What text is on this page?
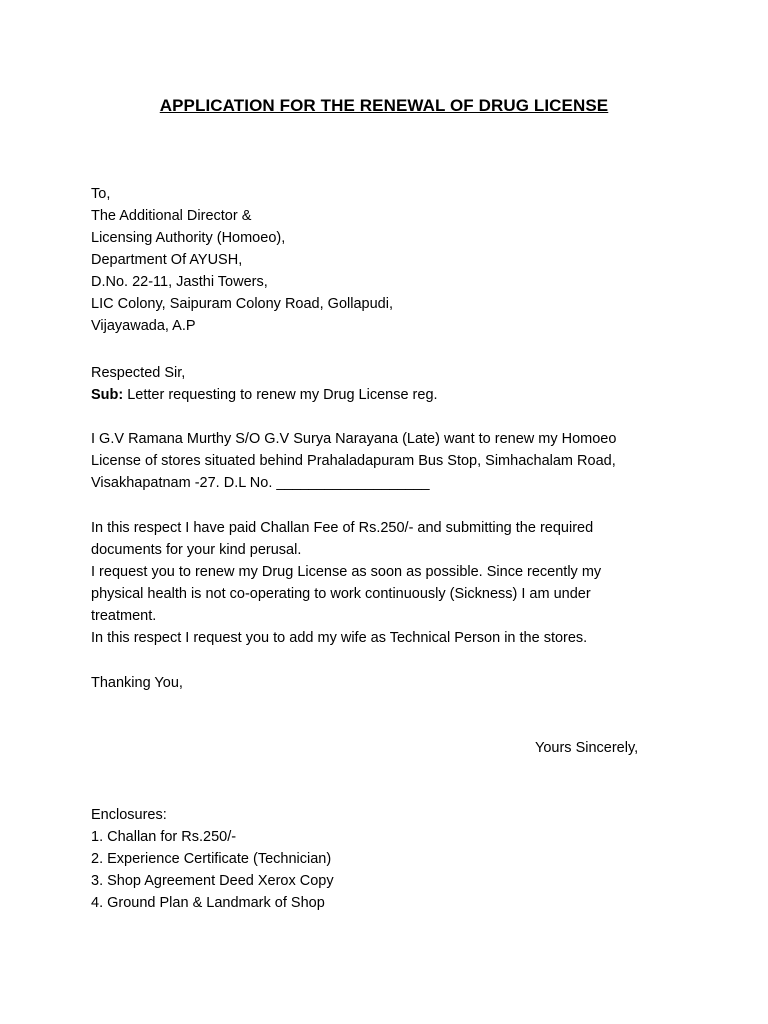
APPLICATION FOR THE RENEWAL OF DRUG LICENSE
To,
The Additional Director &
Licensing Authority (Homoeo),
Department Of AYUSH,
D.No. 22-11, Jasthi Towers,
LIC Colony, Saipuram Colony Road, Gollapudi,
Vijayawada, A.P
Respected Sir,
Sub: Letter requesting to renew my Drug License reg.
I G.V Ramana Murthy S/O G.V Surya Narayana (Late) want to renew my Homoeo
License of stores situated behind Prahaladapuram Bus Stop, Simhachalam Road,
Visakhapatnam -27. D.L No. ___________________
In this respect I have paid Challan Fee of Rs.250/- and submitting the required
documents for your kind perusal.
I request you to renew my Drug License as soon as possible. Since recently my
physical health is not co-operating to work continuously (Sickness) I am under
treatment.
In this respect I request you to add my wife as Technical Person in the stores.
Thanking You,
Yours Sincerely,
Enclosures:
1. Challan for Rs.250/-
2. Experience Certificate (Technician)
3. Shop Agreement Deed Xerox Copy
4. Ground Plan & Landmark of Shop
